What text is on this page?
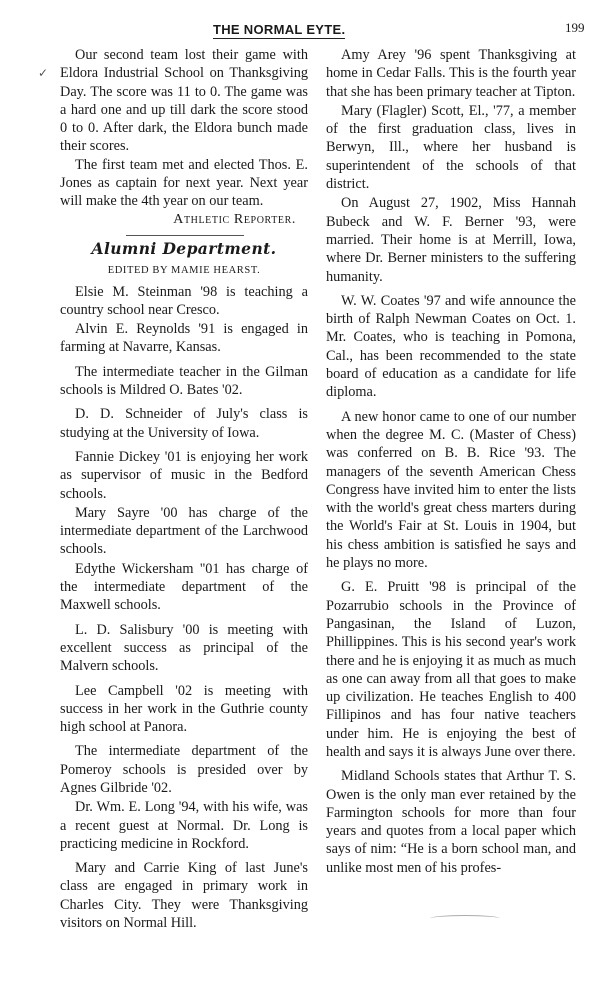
THE NORMAL EYTE.	199
✓

Our second team lost their game with Eldora Industrial School on Thanksgiving Day. The score was 11 to 0. The game was a hard one and up till dark the score stood 0 to 0. After dark, the Eldora bunch made their scores.

The first team met and elected Thos. E. Jones as captain for next year. Next year will make the 4th year on our team.

Athletic Reporter.
Alumni Department.
EDITED BY MAMIE HEARST.

Elsie M. Steinman '98 is teaching a country school near Cresco.

Alvin E. Reynolds '91 is engaged in farming at Navarre, Kansas.

The intermediate teacher in the Gilman schools is Mildred O. Bates '02.

D. D. Schneider of July's class is studying at the University of Iowa.

Fannie Dickey '01 is enjoying her work as supervisor of music in the Bedford schools.

Mary Sayre '00 has charge of the intermediate department of the Larchwood schools.

Edythe Wickersham ''01 has charge of the intermediate department of the Maxwell schools.

L. D. Salisbury '00 is meeting with excellent success as principal of the Malvern schools.

Lee Campbell '02 is meeting with success in her work in the Guthrie county high school at Panora.

The intermediate department of the Pomeroy schools is presided over by Agnes Gilbride '02.

Dr. Wm. E. Long '94, with his wife, was a recent guest at Normal. Dr. Long is practicing medicine in Rockford.

Mary and Carrie King of last June's class are engaged in primary work in Charles City. They were Thanksgiving visitors on Normal Hill.

Amy Arey '96 spent Thanksgiving at home in Cedar Falls. This is the fourth year that she has been primary teacher at Tipton.

Mary (Flagler) Scott, El., '77, a member of the first graduation class, lives in Berwyn, Ill., where her husband is superintendent of the schools of that district.

On August 27, 1902, Miss Hannah Bubeck and W. F. Berner '93, were married. Their home is at Merrill, Iowa, where Dr. Berner ministers to the suffering humanity.

W. W. Coates '97 and wife announce the birth of Ralph Newman Coates on Oct. 1. Mr. Coates, who is teaching in Pomona, Cal., has been recommended to the state board of education as a candidate for life diploma.

A new honor came to one of our number when the degree M. C. (Master of Chess) was conferred on B. B. Rice '93. The managers of the seventh American Chess Congress have invited him to enter the lists with the world's great chess marters during the World's Fair at St. Louis in 1904, but his chess ambition is satisfied he says and he plays no more.

G. E. Pruitt '98 is principal of the Pozarrubio schools in the Province of Pangasinan, the Island of Luzon, Phillippines. This is his second year's work there and he is enjoying it as much as much as one can away from all that goes to make up civilization. He teaches English to 400 Fillipinos and has four native teachers under him. He is enjoying the best of health and says it is always June over there.

Midland Schools states that Arthur T. S. Owen is the only man ever retained by the Farmington schools for more than four years and quotes from a local paper which says of nim: “He is a born school man, and unlike most men of his profes-
